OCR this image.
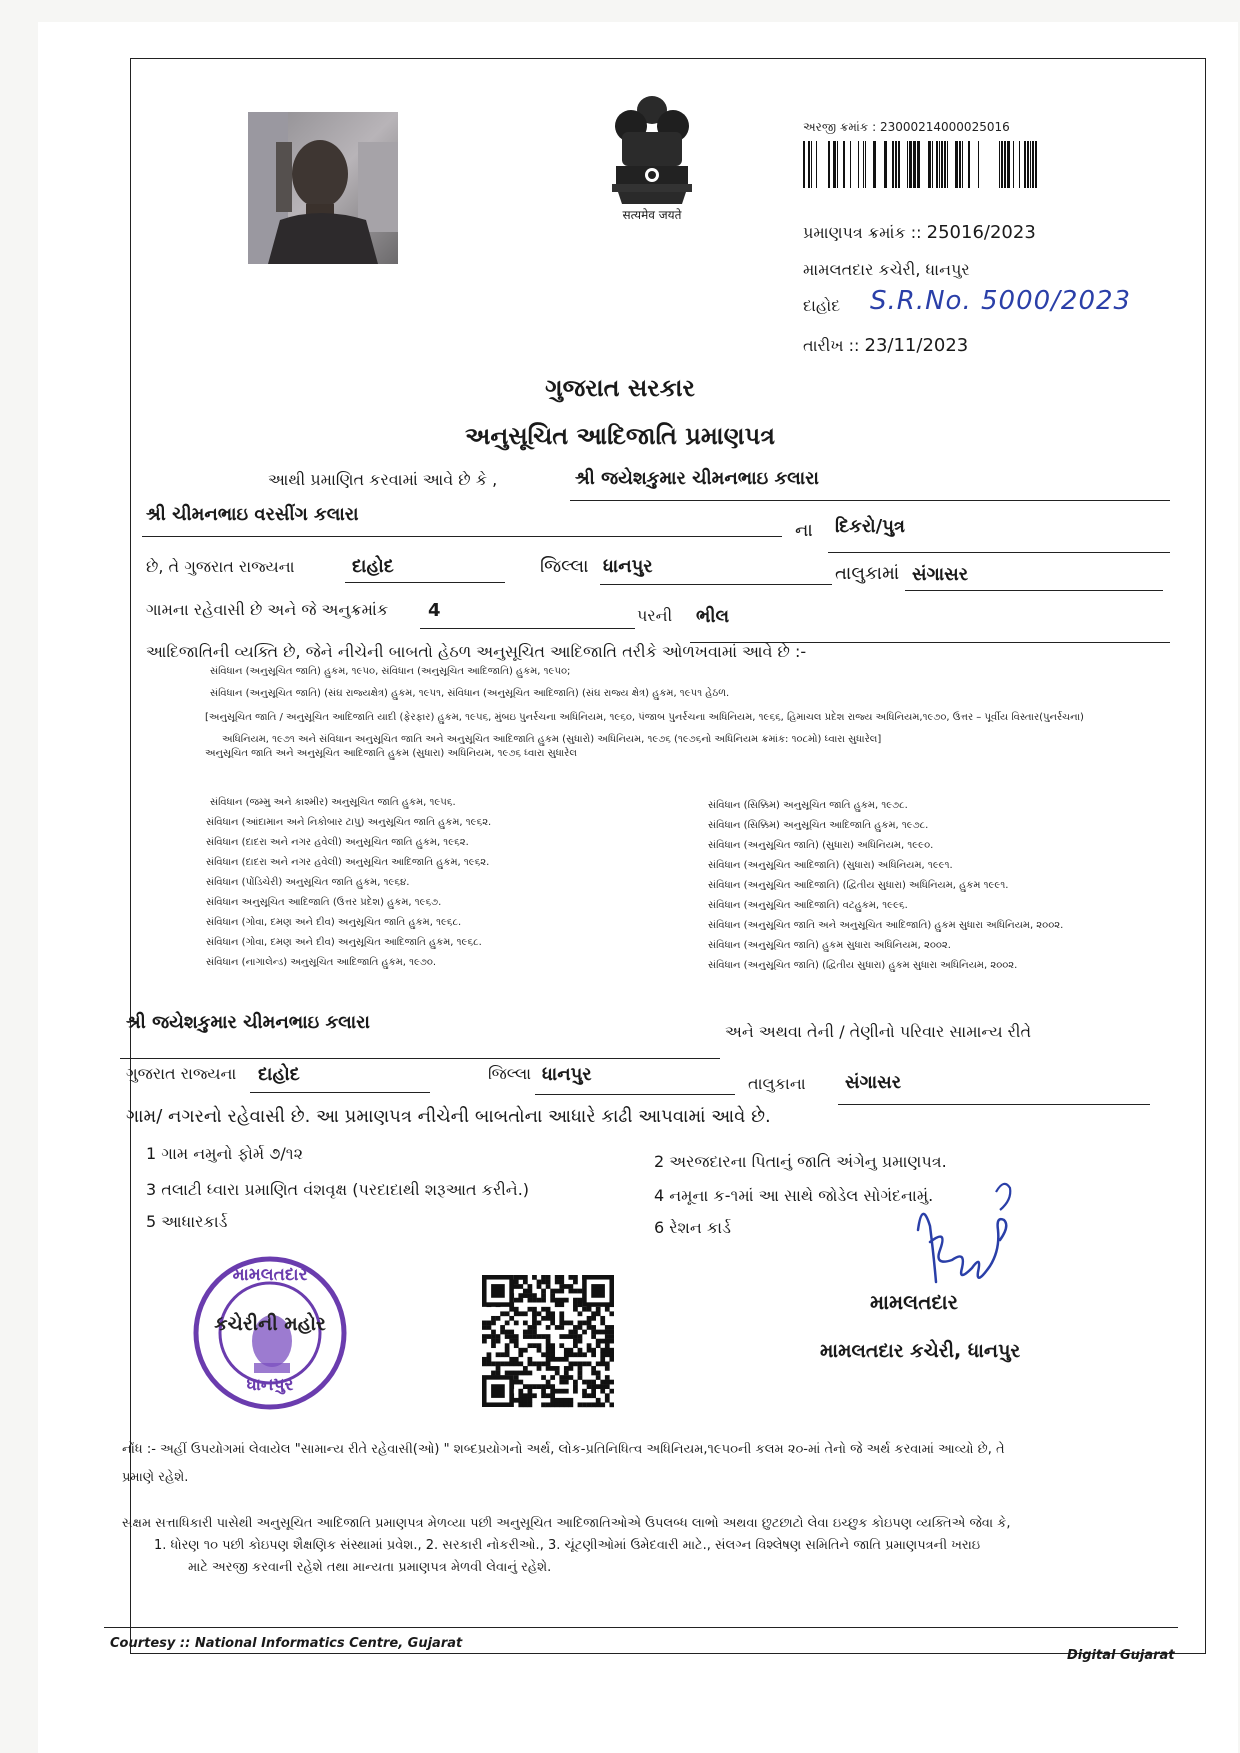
सत्यमेव जयते
અરજી ક્રમાંક : 23000214000025016
પ્રમાણપત્ર ક્રમાંક :: 25016/2023
મામલતદાર કચેરી, ધાનપુર
દાહોદ S.R.No. 5000/2023
તારીખ :: 23/11/2023
ગુજરાત સરકાર
અનુસૂચિત આદિજાતિ પ્રમાણપત્ર
આથી પ્રમાણિત કરવામાં આવે છે કે ,	શ્રી જયેશકુમાર ચીમનભાઇ કલારા
શ્રી ચીમનભાઇ વરસીંગ કલારા
ના દિકરો/પુત્ર
છે, તે ગુજરાત રાજ્યના	દાહોદ	જિલ્લા ધાનપુર	તાલુકામાં સંગાસર
ગામના રહેવાસી છે અને જે અનુક્રમાંક 4	પરની ભીલ
આદિજાતિની વ્યક્તિ છે, જેને નીચેની બાબતો હેઠળ અનુસૂચિત આદિજાતિ તરીકે ઓળખવામાં આવે છે :-
સંવિધાન (અનુસૂચિત જાતિ) હુકમ, ૧૯૫૦, સંવિધાન (અનુસૂચિત આદિજાતિ) હુકમ, ૧૯૫૦;
સંવિધાન (અનુસૂચિત જાતિ) (સંઘ રાજ્યક્ષેત્ર) હુકમ, ૧૯૫૧, સંવિધાન (અનુસૂચિત આદિજાતિ) (સંઘ રાજ્ય ક્ષેત્ર) હુકમ, ૧૯૫૧ હેઠળ.
[અનુસૂચિત જાતિ / અનુસૂચિત આદિજાતિ યાદી (ફેરફાર) હુકમ, ૧૯૫૬, મુંબઇ પુનર્રચના અધિનિયમ, ૧૯૬૦, પંજાબ પુનર્રચના અધિનિયમ, ૧૯૬૬, હિમાચલ પ્રદેશ રાજ્ય અધિનિયમ,૧૯૭૦, ઉત્તર – પૂર્વીય વિસ્તાર(પુનર્રચના)
અધિનિયમ, ૧૯૭૧ અને સંવિધાન અનુસૂચિત જાતિ અને અનુસૂચિત આદિજાતિ હુકમ (સુધારો) અધિનિયમ, ૧૯૭૬ (૧૯૭૬નો અધિનિયમ ક્રમાંક: ૧૦૮મો) ધ્વારા સુધારેલ]
અનુસૂચિત જાતિ અને અનુસૂચિત આદિજાતિ હુકમ (સુધારા) અધિનિયમ, ૧૯૭૬ ધ્વારા સુધારેલ
સંવિધાન (જમ્મુ અને કાશ્મીર) અનુસૂચિત જાતિ હુકમ, ૧૯૫૬.
સંવિધાન (આંદામાન અને નિકોબાર ટાપુ) અનુસૂચિત જાતિ હુકમ, ૧૯૬૨.
સંવિધાન (દાદરા અને નગર હવેલી) અનુસૂચિત જાતિ હુકમ, ૧૯૬૨.
સંવિધાન (દાદરા અને નગર હવેલી) અનુસૂચિત આદિજાતિ હુકમ, ૧૯૬૨.
સંવિધાન (પોંડિચેરી) અનુસૂચિત જાતિ હુકમ, ૧૯૬૪.
સંવિધાન અનુસૂચિત આદિજાતિ (ઉત્તર પ્રદેશ) હુકમ, ૧૯૬૭.
સંવિધાન (ગોવા, દમણ અને દીવ) અનુસૂચિત જાતિ હુકમ, ૧૯૬૮.
સંવિધાન (ગોવા, દમણ અને દીવ) અનુસૂચિત આદિજાતિ હુકમ, ૧૯૬૮.
સંવિધાન (નાગાલેન્ડ) અનુસૂચિત આદિજાતિ હુકમ, ૧૯૭૦.
સંવિધાન (સિક્કિમ) અનુસૂચિત જાતિ હુકમ, ૧૯૭૮.
સંવિધાન (સિક્કિમ) અનુસૂચિત આદિજાતિ હુકમ, ૧૯૭૮.
સંવિધાન (અનુસૂચિત જાતિ) (સુધારા) અધિનિયમ, ૧૯૯૦.
સંવિધાન (અનુસૂચિત આદિજાતિ) (સુધારા) અધિનિયમ, ૧૯૯૧.
સંવિધાન (અનુસૂચિત આદિજાતિ) (દ્વિતીય સુધારા) અધિનિયમ, હુકમ ૧૯૯૧.
સંવિધાન (અનુસૂચિત આદિજાતિ) વટહુકમ, ૧૯૯૬.
સંવિધાન (અનુસૂચિત જાતિ અને અનુસૂચિત આદિજાતિ) હુકમ સુધારા અધિનિયમ, ૨૦૦૨.
સંવિધાન (અનુસૂચિત જાતિ) હુકમ સુધારા અધિનિયમ, ૨૦૦૨.
સંવિધાન (અનુસૂચિત જાતિ) (દ્વિતીય સુધારા) હુકમ સુધારા અધિનિયમ, ૨૦૦૨.
શ્રી જયેશકુમાર ચીમનભાઇ કલારા	અને અથવા તેની / તેણીનો પરિવાર સામાન્ય રીતે
ગુજરાત રાજ્યના દાહોદ	જિલ્લા ધાનપુર	તાલુકાના સંગાસર
ગામ/ નગરનો રહેવાસી છે. આ પ્રમાણપત્ર નીચેની બાબતોના આધારે કાઢી આપવામાં આવે છે.
1 ગામ નમુનો ફોર્મ ૭/૧૨	2 અરજદારના પિતાનું જાતિ અંગેનુ પ્રમાણપત્ર.
3 તલાટી ધ્વારા પ્રમાણિત વંશવૃક્ષ (પરદાદાથી શરૂઆત કરીને.)	4 નમૂના ક-૧માં આ સાથે જોડેલ સોગંદનામું.
5 આધારકાર્ડ	6 રેશન કાર્ડ
મામલતદાર
કચેરીની મહોર
ધાનપુર
મામલતદાર
મામલતદાર કચેરી, ધાનપુર
નોંધ :- અહીં ઉપયોગમાં લેવાયેલ "સામાન્ય રીતે રહેવાસી(ઓ) " શબ્દપ્રયોગનો અર્થ, લોક-પ્રતિનિધિત્વ અધિનિયમ,૧૯૫૦ની કલમ ૨૦-માં તેનો જે અર્થ કરવામાં આવ્યો છે, તે
પ્રમાણે રહેશે.
સક્ષમ સત્તાધિકારી પાસેથી અનુસૂચિત આદિજાતિ પ્રમાણપત્ર મેળવ્યા પછી અનુસૂચિત આદિજાતિઓએ ઉપલબ્ધ લાભો અથવા છુટછાટો લેવા ઇચ્છુક કોઇપણ વ્યક્તિએ જેવા કે,
1. ધોરણ ૧૦ પછી કોઇપણ શૈક્ષણિક સંસ્થામાં પ્રવેશ., 2. સરકારી નોકરીઓ., 3. ચૂંટણીઓમાં ઉમેદવારી માટે., સંલગ્ન વિશ્લેષણ સમિતિને જાતિ પ્રમાણપત્રની ખરાઇ
માટે અરજી કરવાની રહેશે તથા માન્યતા પ્રમાણપત્ર મેળવી લેવાનું રહેશે.
Courtesy :: National Informatics Centre, Gujarat
Digital Gujarat
